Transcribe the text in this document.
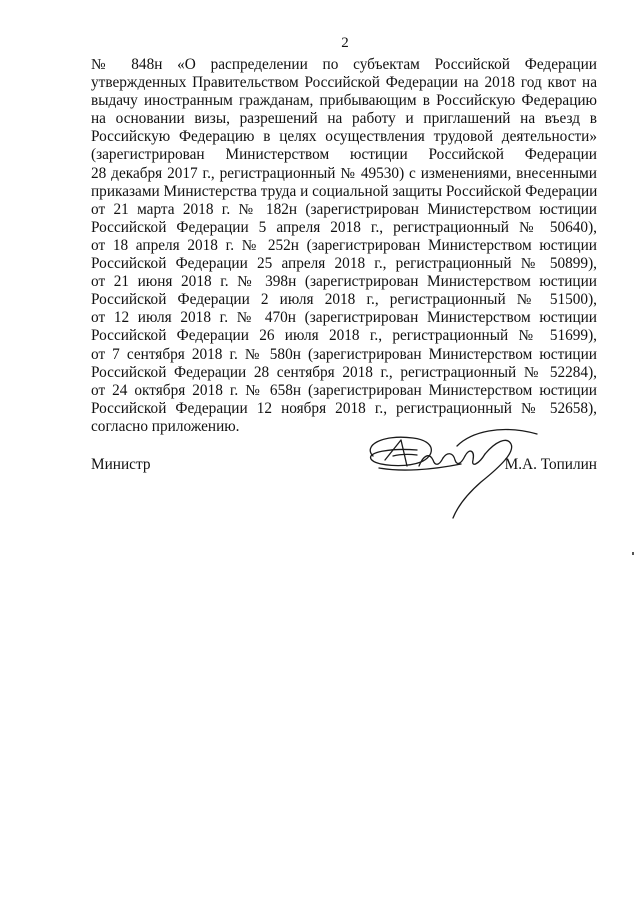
2
№ 848н «О распределении по субъектам Российской Федерации
утвержденных Правительством Российской Федерации на 2018 год квот на
выдачу иностранным гражданам, прибывающим в Российскую Федерацию
на основании визы, разрешений на работу и приглашений на въезд в
Российскую Федерацию в целях осуществления трудовой деятельности»
(зарегистрирован Министерством юстиции Российской Федерации
28 декабря 2017 г., регистрационный № 49530) с изменениями, внесенными
приказами Министерства труда и социальной защиты Российской Федерации
от 21 марта 2018 г. № 182н (зарегистрирован Министерством юстиции
Российской Федерации 5 апреля 2018 г., регистрационный № 50640),
от 18 апреля 2018 г. № 252н (зарегистрирован Министерством юстиции
Российской Федерации 25 апреля 2018 г., регистрационный № 50899),
от 21 июня 2018 г. № 398н (зарегистрирован Министерством юстиции
Российской Федерации 2 июля 2018 г., регистрационный № 51500),
от 12 июля 2018 г. № 470н (зарегистрирован Министерством юстиции
Российской Федерации 26 июля 2018 г., регистрационный № 51699),
от 7 сентября 2018 г. № 580н (зарегистрирован Министерством юстиции
Российской Федерации 28 сентября 2018 г., регистрационный № 52284),
от 24 октября 2018 г. № 658н (зарегистрирован Министерством юстиции
Российской Федерации 12 ноября 2018 г., регистрационный № 52658),
согласно приложению.
Министр	М.А. Топилин
